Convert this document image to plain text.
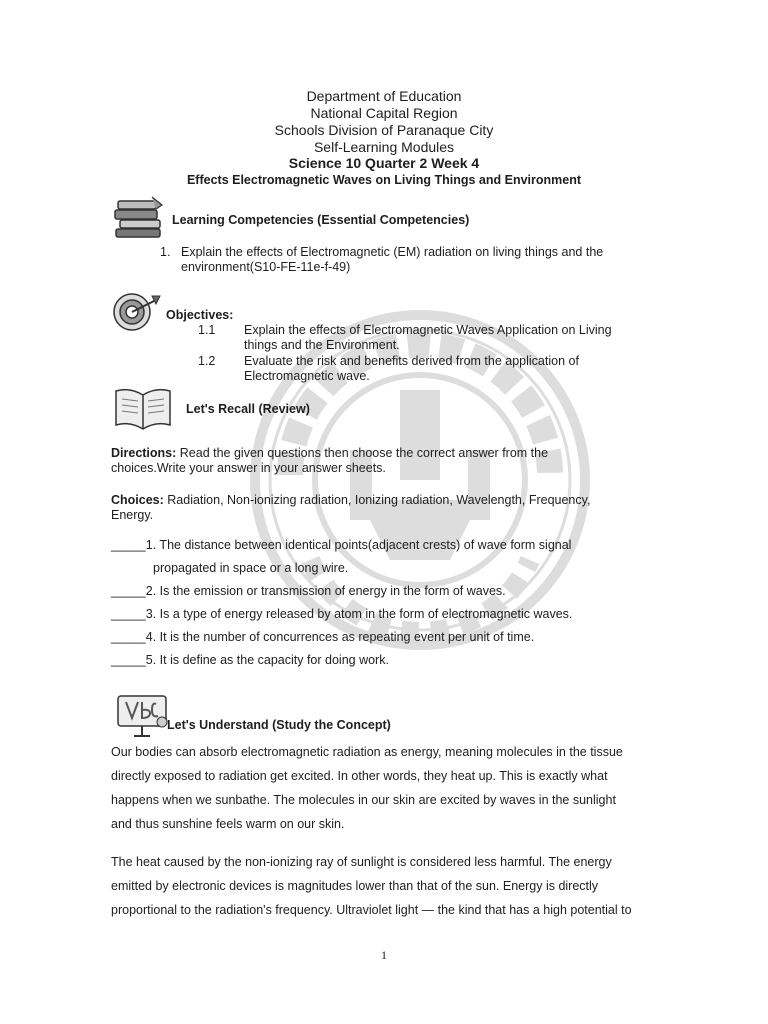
Department of Education
National Capital Region
Schools Division of Paranaque City
Self-Learning Modules
Science 10 Quarter 2 Week 4
Effects Electromagnetic Waves on Living Things and Environment
Learning Competencies (Essential Competencies)
1. Explain the effects of Electromagnetic (EM) radiation on living things and the
environment(S10-FE-11e-f-49)
Objectives:
1.1 Explain the effects of Electromagnetic Waves Application on Living
things and the Environment.
1.2 Evaluate the risk and benefits derived from the application of
Electromagnetic wave.
Let's Recall (Review)
Directions: Read the given questions then choose the correct answer from the
choices.Write your answer in your answer sheets.
Choices: Radiation, Non-ionizing radiation, Ionizing radiation, Wavelength, Frequency,
Energy.
_____1. The distance between identical points(adjacent crests) of wave form signal
propagated in space or a long wire.
_____2. Is the emission or transmission of energy in the form of waves.
_____3. Is a type of energy released by atom in the form of electromagnetic waves.
_____4. It is the number of concurrences as repeating event per unit of time.
_____5. It is define as the capacity for doing work.
Let's Understand (Study the Concept)
Our bodies can absorb electromagnetic radiation as energy, meaning molecules in the tissue
directly exposed to radiation get excited. In other words, they heat up. This is exactly what
happens when we sunbathe. The molecules in our skin are excited by waves in the sunlight
and thus sunshine feels warm on our skin.
The heat caused by the non-ionizing ray of sunlight is considered less harmful. The energy
emitted by electronic devices is magnitudes lower than that of the sun. Energy is directly
proportional to the radiation's frequency. Ultraviolet light — the kind that has a high potential to
1
